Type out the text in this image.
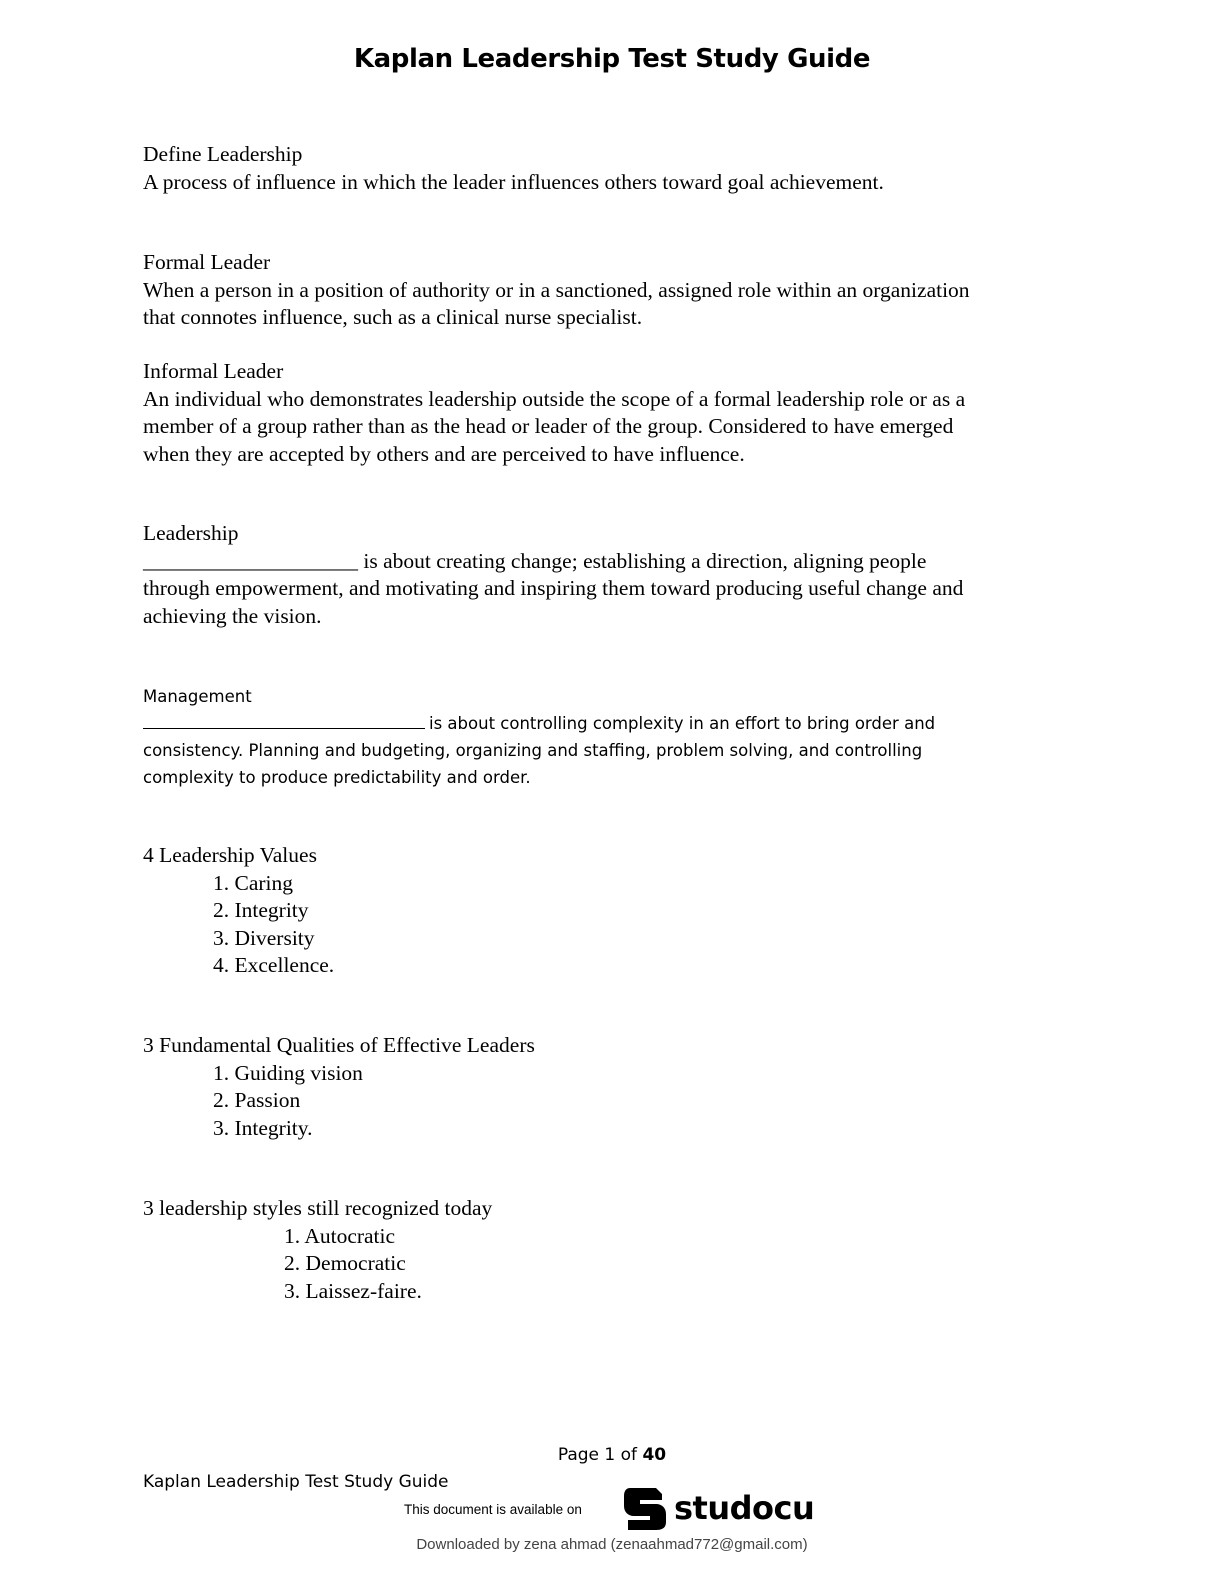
Kaplan Leadership Test Study Guide

Define Leadership

A process of influence in which the leader influences others toward goal achievement.

Formal Leader

When a person in a position of authority or in a sanctioned, assigned role within an organization

that connotes influence, such as a clinical nurse specialist.

Informal Leader

An individual who demonstrates leadership outside the scope of a formal leadership role or as a

member of a group rather than as the head or leader of the group. Considered to have emerged

when they are accepted by others and are perceived to have influence.

Leadership

____________________ is about creating change; establishing a direction, aligning people

through empowerment, and motivating and inspiring them toward producing useful change and

achieving the vision.

Management

is about controlling complexity in an effort to bring order and

consistency. Planning and budgeting, organizing and staffing, problem solving, and controlling

complexity to produce predictability and order.

4 Leadership Values

1. Caring
2. Integrity
3. Diversity
4. Excellence.

3 Fundamental Qualities of Effective Leaders

1. Guiding vision
2. Passion
3. Integrity.

3 leadership styles still recognized today

1. Autocratic
2. Democratic
3. Laissez-faire.
Page 1 of 40
Kaplan Leadership Test Study Guide
This document is available on	studocu
Downloaded by zena ahmad (zenaahmad772@gmail.com)
